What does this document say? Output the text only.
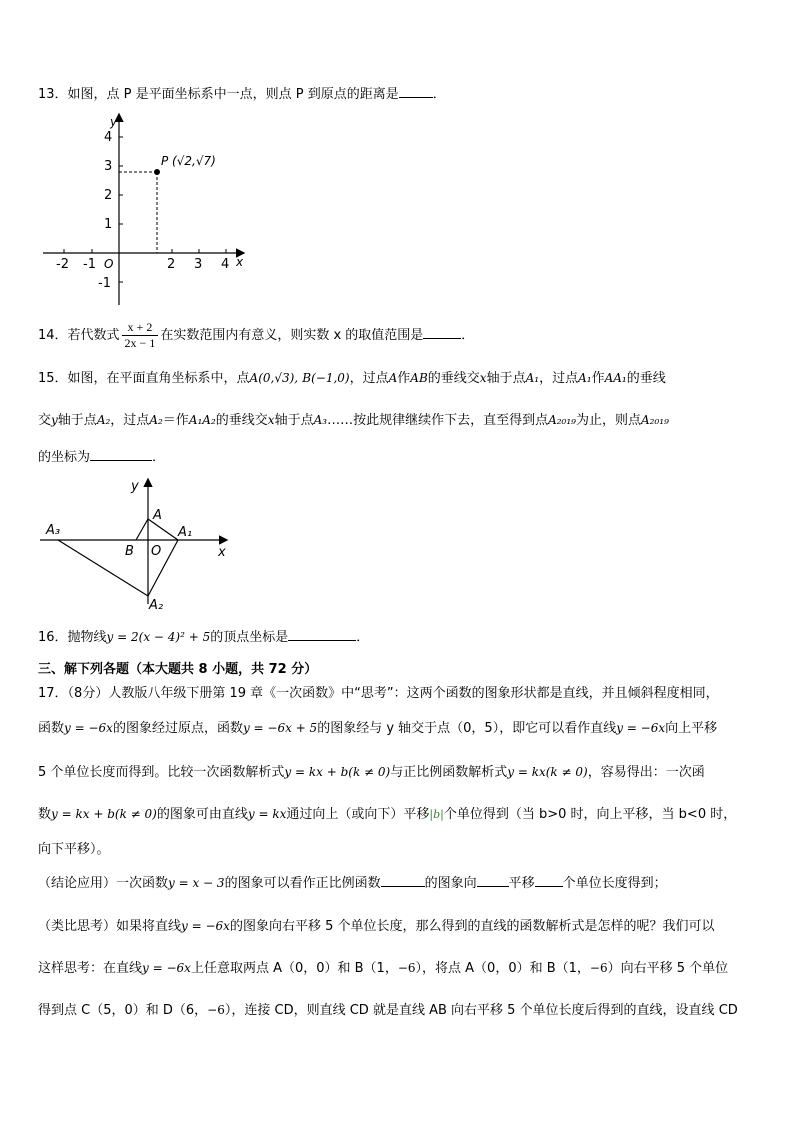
13．如图，点 P 是平面坐标系中一点，则点 P 到原点的距离是	．
y
x
O
4
3
2
1
-1
-2 -1	2 3 4
P (√2,√7)
14．若代数式 $\frac{x + 2}{2x - 1}$ 在实数范围内有意义，则实数 x 的取值范围是	．
15．如图，在平面直角坐标系中，点A(0,√3), B(−1,0)，过点A作AB的垂线交x轴于点A₁，过点A₁作AA₁的垂线
交y轴于点A₂，过点A₂＝作A₁A₂的垂线交x轴于点A₃……按此规律继续作下去，直至得到点A₂₀₁₉为止，则点A₂₀₁₉
的坐标为	．
y
x
A
A₁
A₂
A₃
B O
16．抛物线y = 2(x − 4)² + 5的顶点坐标是	．
三、解下列各题（本大题共 8 小题，共 72 分）
17．（8分）人教版八年级下册第 19 章《一次函数》中“思考”：这两个函数的图象形状都是直线，并且倾斜程度相同，
函数y = −6x的图象经过原点，函数y = −6x + 5的图象经与 y 轴交于点（0，5），即它可以看作直线y = −6x向上平移
5 个单位长度而得到。比较一次函数解析式y = kx + b(k ≠ 0)与正比例函数解析式y = kx(k ≠ 0)，容易得出：一次函
数y = kx + b(k ≠ 0)的图象可由直线y = kx通过向上（或向下）平移|b|个单位得到（当 b>0 时，向上平移，当 b<0 时，
向下平移）。
（结论应用）一次函数y = x − 3的图象可以看作正比例函数	的图象向 平移 个单位长度得到；
（类比思考）如果将直线y = −6x的图象向右平移 5 个单位长度，那么得到的直线的函数解析式是怎样的呢？我们可以
这样思考：在直线y = −6x上任意取两点 A（0，0）和 B（1，−6），将点 A（0，0）和 B（1，−6）向右平移 5 个单位
得到点 C（5，0）和 D（6，−6），连接 CD，则直线 CD 就是直线 AB 向右平移 5 个单位长度后得到的直线，设直线 CD
